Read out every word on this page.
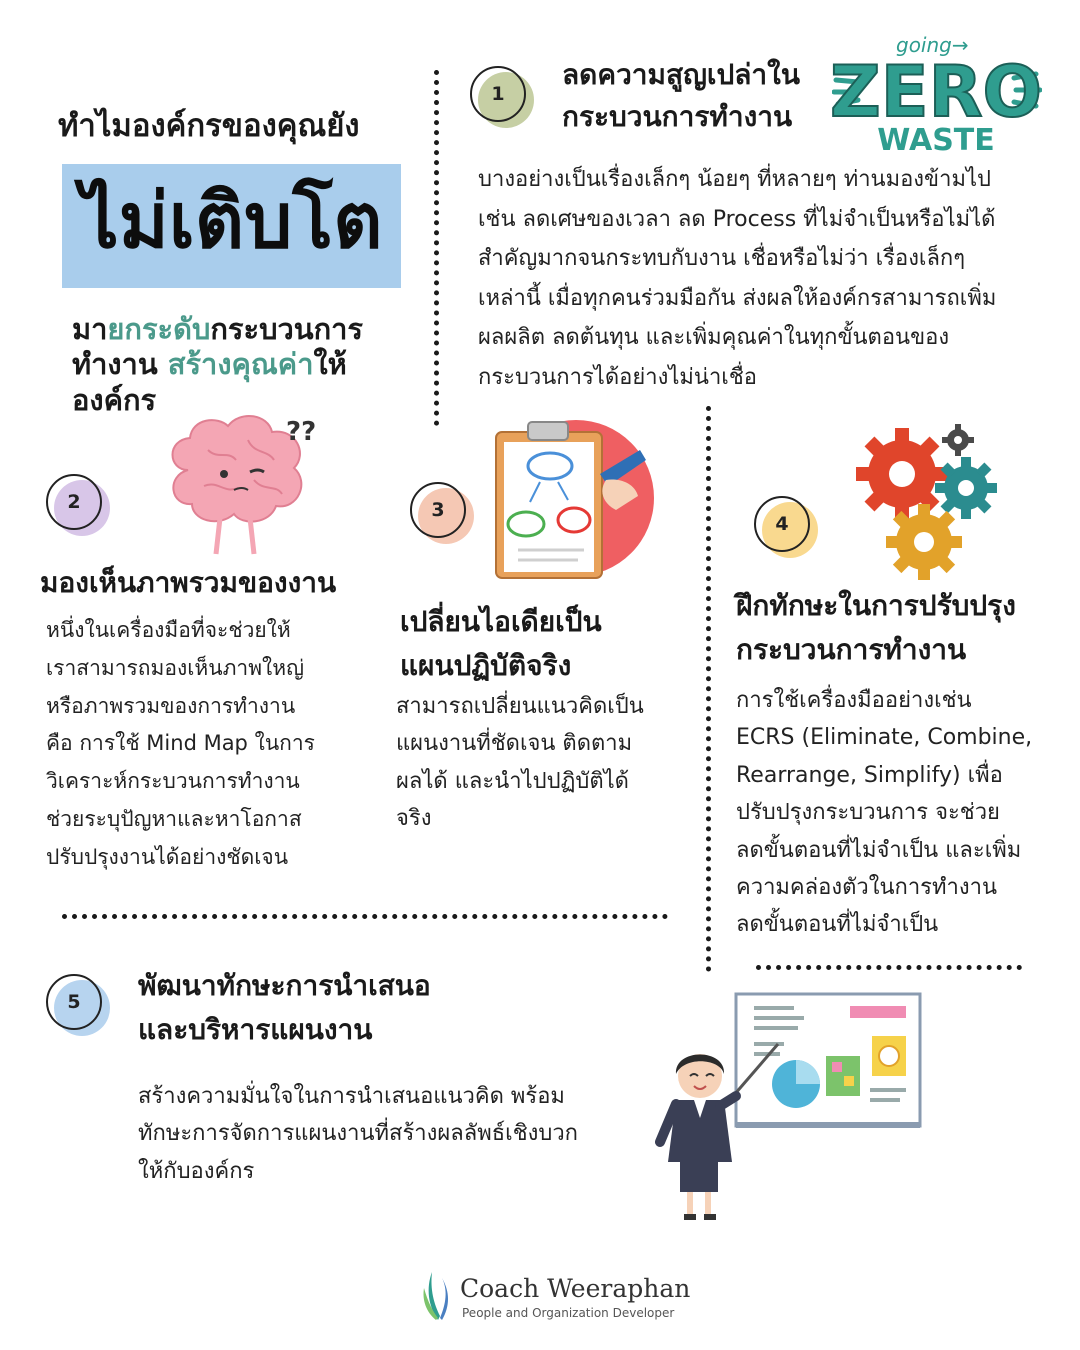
ทำไมองค์กรของคุณยัง
ไม่เติบโต
มายกระดับกระบวนการ
ทำงาน สร้างคุณค่าให้
องค์กร
1
ลดความสูญเปล่าใน
กระบวนการทำงาน
going→
ZERO
WASTE
บางอย่างเป็นเรื่องเล็กๆ น้อยๆ ที่หลายๆ ท่านมองข้ามไป
เช่น ลดเศษของเวลา ลด Process ที่ไม่จำเป็นหรือไม่ได้
สำคัญมากจนกระทบกับงาน เชื่อหรือไม่ว่า เรื่องเล็กๆ
เหล่านี้ เมื่อทุกคนร่วมมือกัน ส่งผลให้องค์กรสามารถเพิ่ม
ผลผลิต ลดต้นทุน และเพิ่มคุณค่าในทุกขั้นตอนของ
กระบวนการได้อย่างไม่น่าเชื่อ
??
2
มองเห็นภาพรวมของงาน
หนึ่งในเครื่องมือที่จะช่วยให้
เราสามารถมองเห็นภาพใหญ่
หรือภาพรวมของการทำงาน
คือ การใช้ Mind Map ในการ
วิเคราะห์กระบวนการทำงาน
ช่วยระบุปัญหาและหาโอกาส
ปรับปรุงงานได้อย่างชัดเจน
3
เปลี่ยนไอเดียเป็น
แผนปฏิบัติจริง
สามารถเปลี่ยนแนวคิดเป็น
แผนงานที่ชัดเจน ติดตาม
ผลได้ และนำไปปฏิบัติได้
จริง
4
ฝึกทักษะในการปรับปรุง
กระบวนการทำงาน
การใช้เครื่องมืออย่างเช่น
ECRS (Eliminate, Combine,
Rearrange, Simplify) เพื่อ
ปรับปรุงกระบวนการ จะช่วย
ลดขั้นตอนที่ไม่จำเป็น และเพิ่ม
ความคล่องตัวในการทำงาน
ลดขั้นตอนที่ไม่จำเป็น
5	พัฒนาทักษะการนำเสนอ
และบริหารแผนงาน
สร้างความมั่นใจในการนำเสนอแนวคิด พร้อม
ทักษะการจัดการแผนงานที่สร้างผลลัพธ์เชิงบวก
ให้กับองค์กร
Coach Weeraphan
People and Organization Developer
